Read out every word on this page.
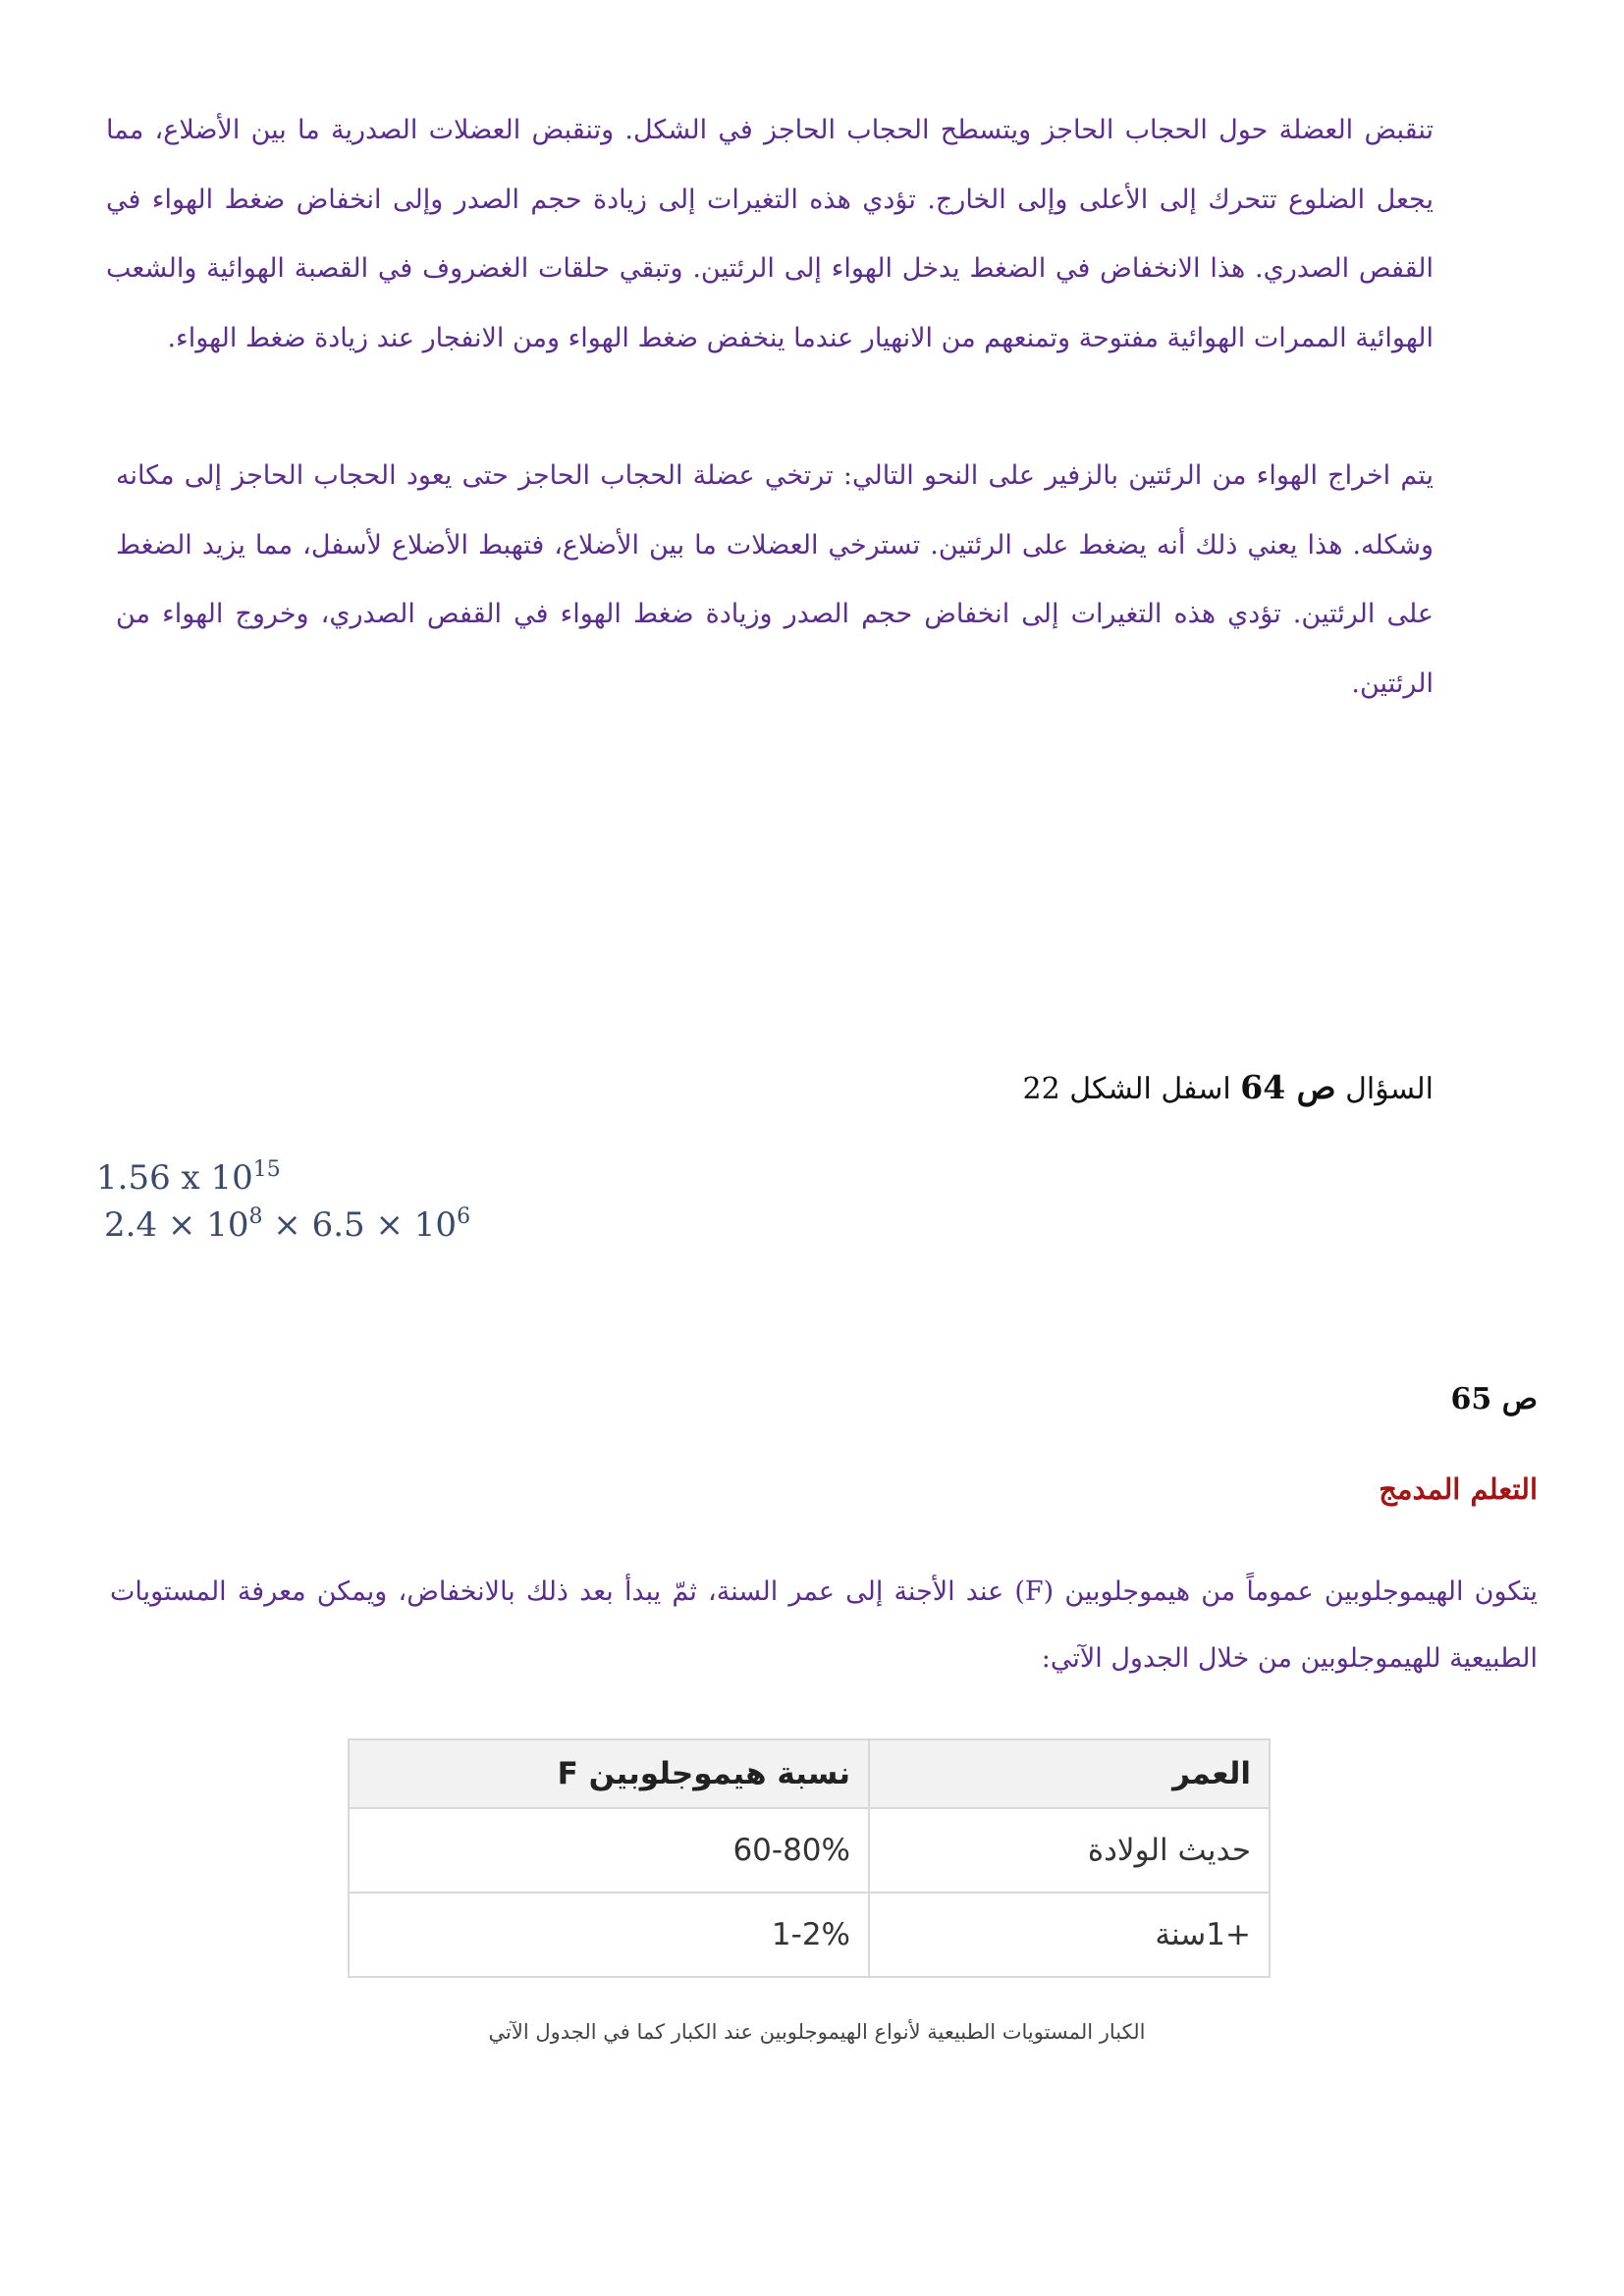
تنقبض العضلة حول الحجاب الحاجز ويتسطح الحجاب الحاجز في الشكل. وتنقبض العضلات الصدرية ما بين الأضلاع، مما يجعل الضلوع تتحرك إلى الأعلى وإلى الخارج. تؤدي هذه التغيرات إلى زيادة حجم الصدر وإلى انخفاض ضغط الهواء في القفص الصدري. هذا الانخفاض في الضغط يدخل الهواء إلى الرئتين. وتبقي حلقات الغضروف في القصبة الهوائية والشعب الهوائية الممرات الهوائية مفتوحة وتمنعهم من الانهيار عندما ينخفض ضغط الهواء ومن الانفجار عند زيادة ضغط الهواء.
يتم اخراج الهواء من الرئتين بالزفير على النحو التالي: ترتخي عضلة الحجاب الحاجز حتى يعود الحجاب الحاجز إلى مكانه وشكله. هذا يعني ذلك أنه يضغط على الرئتين. تسترخي العضلات ما بين الأضلاع، فتهبط الأضلاع لأسفل، مما يزيد الضغط على الرئتين. تؤدي هذه التغيرات إلى انخفاض حجم الصدر وزيادة ضغط الهواء في القفص الصدري، وخروج الهواء من الرئتين.
السؤال ص 64 اسفل الشكل 22
1.56 x $10^{15}$
$2.4 \times 10^8 \times 6.5 \times 10^6$
ص 65
التعلم المدمج
يتكون الهيموجلوبين عموماً من هيموجلوبين (F) عند الأجنة إلى عمر السنة، ثمّ يبدأ بعد ذلك بالانخفاض، ويمكن معرفة المستويات الطبيعية للهيموجلوبين من خلال الجدول الآتي:
العمر	نسبة هيموجلوبين F
حديث الولادة	60-80%
+1سنة	1-2%
الكبار المستويات الطبيعية لأنواع الهيموجلوبين عند الكبار كما في الجدول الآتي
